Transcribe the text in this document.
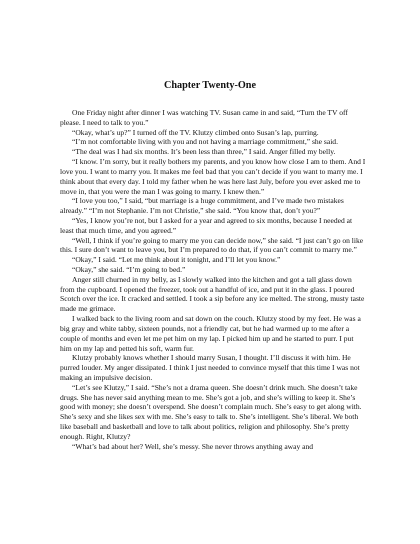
Chapter Twenty-One

One Friday night after dinner I was watching TV. Susan came in and said, “Turn the TV off please. I need to talk to you.”

“Okay, what’s up?” I turned off the TV. Klutzy climbed onto Susan’s lap, purring.

“I’m not comfortable living with you and not having a marriage commitment,” she said.

“The deal was I had six months. It’s been less than three,” I said. Anger filled my belly.

“I know. I’m sorry, but it really bothers my parents, and you know how close I am to them. And I love you. I want to marry you. It makes me feel bad that you can’t decide if you want to marry me. I think about that every day. I told my father when he was here last July, before you ever asked me to move in, that you were the man I was going to marry. I knew then.”

“I love you too,” I said, “but marriage is a huge commitment, and I’ve made two mistakes already.” “I’m not Stephanie. I’m not Christie,” she said. “You know that, don’t you?”

“Yes, I know you’re not, but I asked for a year and agreed to six months, because I needed at least that much time, and you agreed.”

“Well, I think if you’re going to marry me you can decide now,” she said. “I just can’t go on like this. I sure don’t want to leave you, but I’m prepared to do that, if you can’t commit to marry me.”

“Okay,” I said. “Let me think about it tonight, and I’ll let you know.”

“Okay,” she said. “I’m going to bed.”

Anger still churned in my belly, as I slowly walked into the kitchen and got a tall glass down from the cupboard. I opened the freezer, took out a handful of ice, and put it in the glass. I poured Scotch over the ice. It cracked and settled. I took a sip before any ice melted. The strong, musty taste made me grimace.

I walked back to the living room and sat down on the couch. Klutzy stood by my feet. He was a big gray and white tabby, sixteen pounds, not a friendly cat, but he had warmed up to me after a couple of months and even let me pet him on my lap. I picked him up and he started to purr. I put him on my lap and petted his soft, warm fur.

Klutzy probably knows whether I should marry Susan, I thought. I’ll discuss it with him. He purred louder. My anger dissipated. I think I just needed to convince myself that this time I was not making an impulsive decision.

“Let’s see Klutzy,” I said. “She’s not a drama queen. She doesn’t drink much. She doesn’t take drugs. She has never said anything mean to me. She’s got a job, and she’s willing to keep it. She’s good with money; she doesn’t overspend. She doesn’t complain much. She’s easy to get along with. She’s sexy and she likes sex with me. She’s easy to talk to. She’s intelligent. She’s liberal. We both like baseball and basketball and love to talk about politics, religion and philosophy. She’s pretty enough. Right, Klutzy?

“What’s bad about her? Well, she’s messy. She never throws anything away and
